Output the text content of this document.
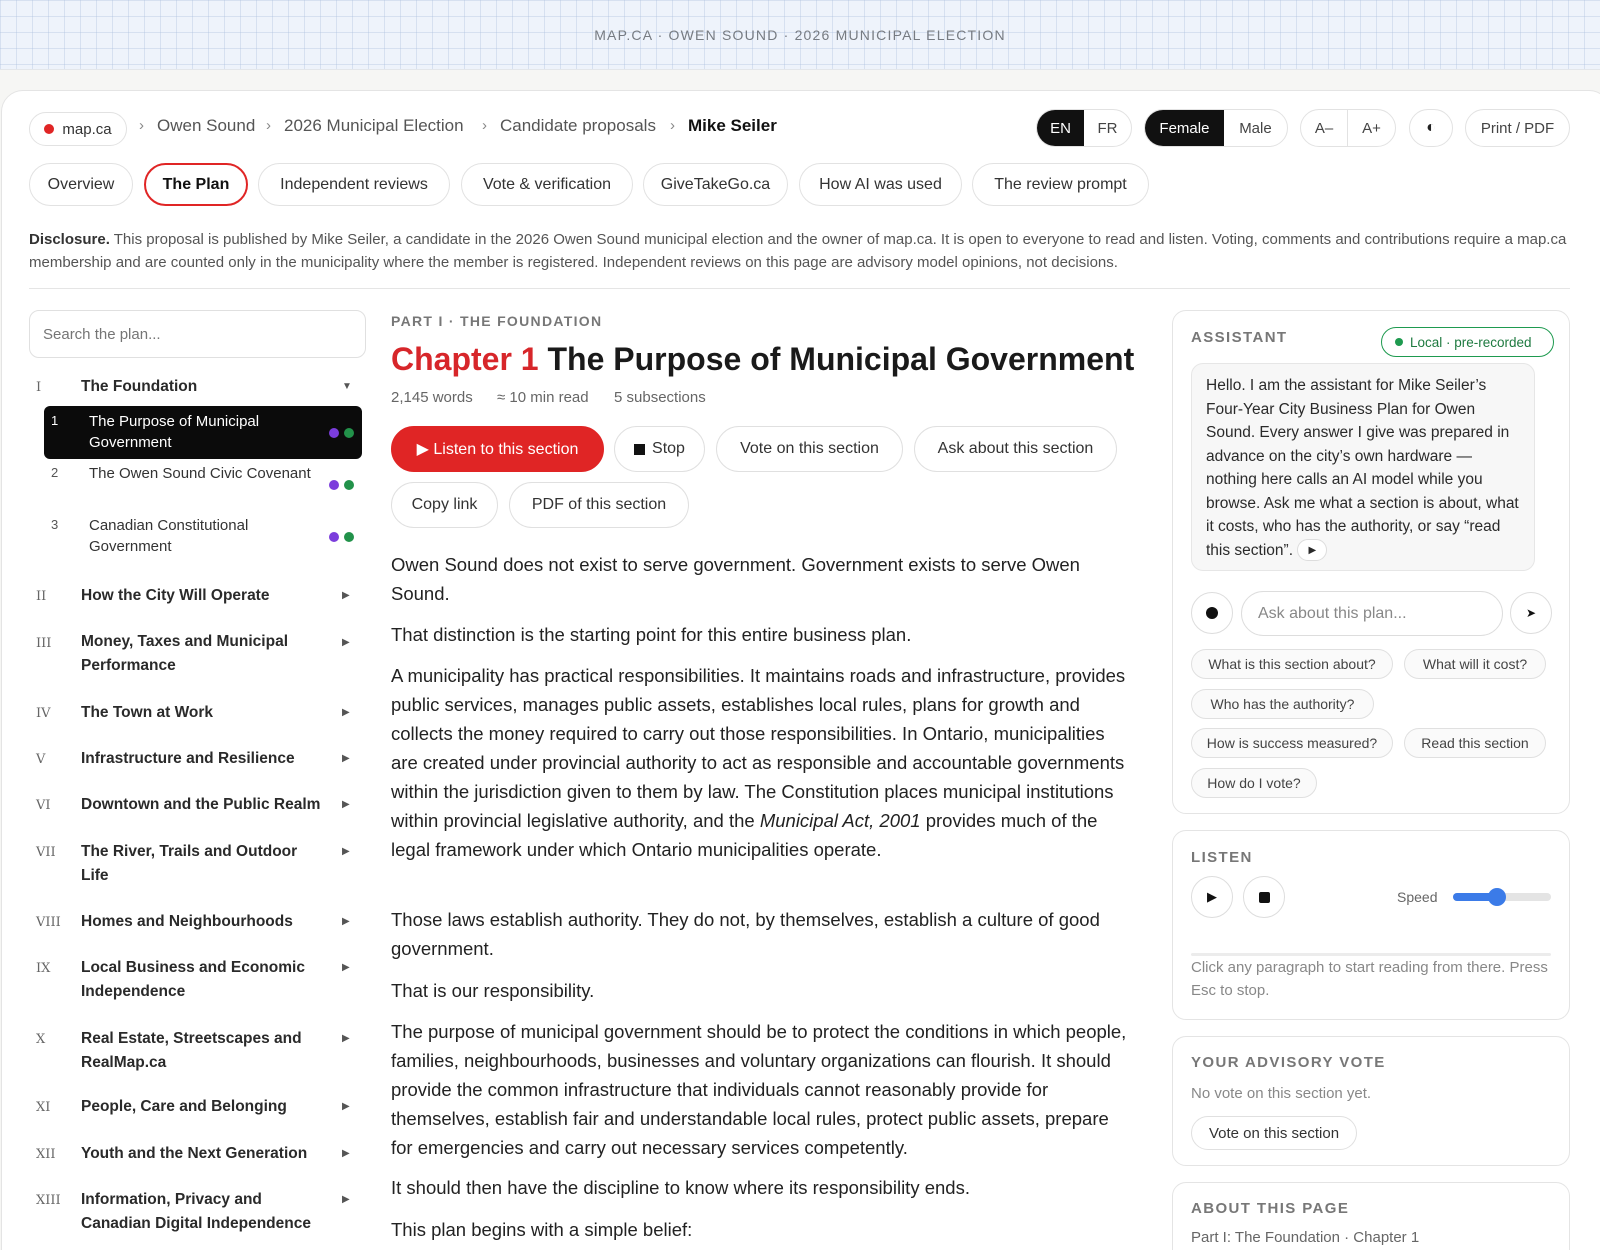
MAP.CA · OWEN SOUND · 2026 MUNICIPAL ELECTION
map.ca › Owen Sound › 2026 Municipal Election › Candidate proposals › Mike Seiler	EN	FR	Female	Male	A–	A+	◐	Print / PDF
Overview	The Plan	Independent reviews	Vote & verification	GiveTakeGo.ca	How AI was used	The review prompt
Disclosure. This proposal is published by Mike Seiler, a candidate in the 2026 Owen Sound municipal election and the owner of map.ca. It is open to everyone to read and listen. Voting, comments and contributions require a map.ca membership and are counted only in the municipality where the member is registered. Independent reviews on this page are advisory model opinions, not decisions.
Search the plan...
I	The Foundation	▼
1 The Purpose of Municipal Government
2 The Owen Sound Civic Covenant
3 Canadian Constitutional Government
II How the City Will Operate	▶
III Money, Taxes and Municipal Performance
▶
IV The Town at Work	▶
V Infrastructure and Resilience	▶
VI Downtown and the Public Realm	▶
VII The River, Trails and Outdoor Life
▶
VIII Homes and Neighbourhoods	▶
IX Local Business and Economic Independence
▶
X Real Estate, Streetscapes and RealMap.ca
▶
XI People, Care and Belonging	▶
XII Youth and the Next Generation	▶
XIII Information, Privacy and Canadian Digital Independence
▶
PART I · THE FOUNDATION
Chapter 1 The Purpose of Municipal Government
2,145 words ≈ 10 min read 5 subsections
▶ Listen to this section	Stop	Vote on this section	Ask about this section
Copy link	PDF of this section

Owen Sound does not exist to serve government. Government exists to serve Owen Sound.

That distinction is the starting point for this entire business plan.

A municipality has practical responsibilities. It maintains roads and infrastructure, provides public services, manages public assets, establishes local rules, plans for growth and collects the money required to carry out those responsibilities. In Ontario, municipalities are created under provincial authority to act as responsible and accountable governments within the jurisdiction given to them by law. The Constitution places municipal institutions within provincial legislative authority, and the Municipal Act, 2001 provides much of the legal framework under which Ontario municipalities operate.

Those laws establish authority. They do not, by themselves, establish a culture of good government.

That is our responsibility.

The purpose of municipal government should be to protect the conditions in which people, families, neighbourhoods, businesses and voluntary organizations can flourish. It should provide the common infrastructure that individuals cannot reasonably provide for themselves, establish fair and understandable local rules, protect public assets, prepare for emergencies and carry out necessary services competently.

It should then have the discipline to know where its responsibility ends.

This plan begins with a simple belief:

ASSISTANT	Local · pre-recorded
Hello. I am the assistant for Mike Seiler’s Four-Year City Business Plan for Owen Sound. Every answer I give was prepared in advance on the city’s own hardware — nothing here calls an AI model while you browse. Ask me what a section is about, what it costs, who has the authority, or say “read this section”. ▶
Ask about this plan...	➤
What is this section about?	What will it cost?
Who has the authority?
How is success measured?	Read this section
How do I vote?
LISTEN
▶	Speed
Click any paragraph to start reading from there. Press Esc to stop.
YOUR ADVISORY VOTE
No vote on this section yet.
Vote on this section
ABOUT THIS PAGE
Part I: The Foundation · Chapter 1
